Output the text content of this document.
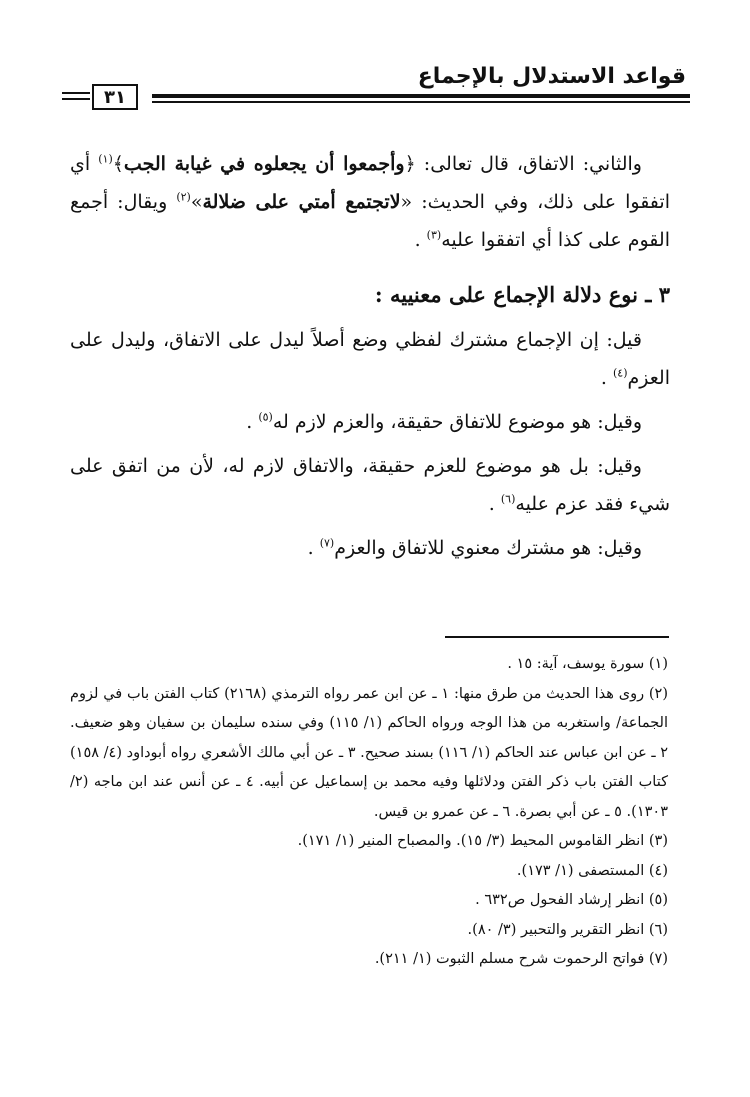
قواعد الاستدلال بالإجماع
٣١

والثاني: الاتفاق، قال تعالى: ﴿وأجمعوا أن يجعلوه في غيابة الجب﴾$^{(١)}$ أي اتفقوا على ذلك، وفي الحديث: «لاتجتمع أمتي على ضلالة»$^{(٢)}$ ويقال: أجمع القوم على كذا أي اتفقوا عليه$^{(٣)}$ .

٣ ـ نوع دلالة الإجماع على معنييه :

قيل: إن الإجماع مشترك لفظي وضع أصلاً ليدل على الاتفاق، وليدل على العزم$^{(٤)}$ .

وقيل: هو موضوع للاتفاق حقيقة، والعزم لازم له$^{(٥)}$ .

وقيل: بل هو موضوع للعزم حقيقة، والاتفاق لازم له، لأن من اتفق على شيء فقد عزم عليه$^{(٦)}$ .

وقيل: هو مشترك معنوي للاتفاق والعزم$^{(٧)}$ .

(١) سورة يوسف، آية: ١٥ .

(٢) روى هذا الحديث من طرق منها: ١ ـ عن ابن عمر رواه الترمذي (٢١٦٨) كتاب الفتن باب في لزوم الجماعة/ واستغربه من هذا الوجه ورواه الحاكم (١/ ١١٥) وفي سنده سليمان بن سفيان وهو ضعيف. ٢ ـ عن ابن عباس عند الحاكم (١/ ١١٦) بسند صحيح. ٣ ـ عن أبي مالك الأشعري رواه أبوداود (٤/ ١٥٨) كتاب الفتن باب ذكر الفتن ودلائلها وفيه محمد بن إسماعيل عن أبيه. ٤ ـ عن أنس عند ابن ماجه (٢/ ١٣٠٣). ٥ ـ عن أبي بصرة. ٦ ـ عن عمرو بن قيس.

(٣) انظر القاموس المحيط (٣/ ١٥). والمصباح المنير (١/ ١٧١).

(٤) المستصفى (١/ ١٧٣).

(٥) انظر إرشاد الفحول ص٦٣٢ .

(٦) انظر التقرير والتحبير (٣/ ٨٠).

(٧) فواتح الرحموت شرح مسلم الثبوت (١/ ٢١١).
